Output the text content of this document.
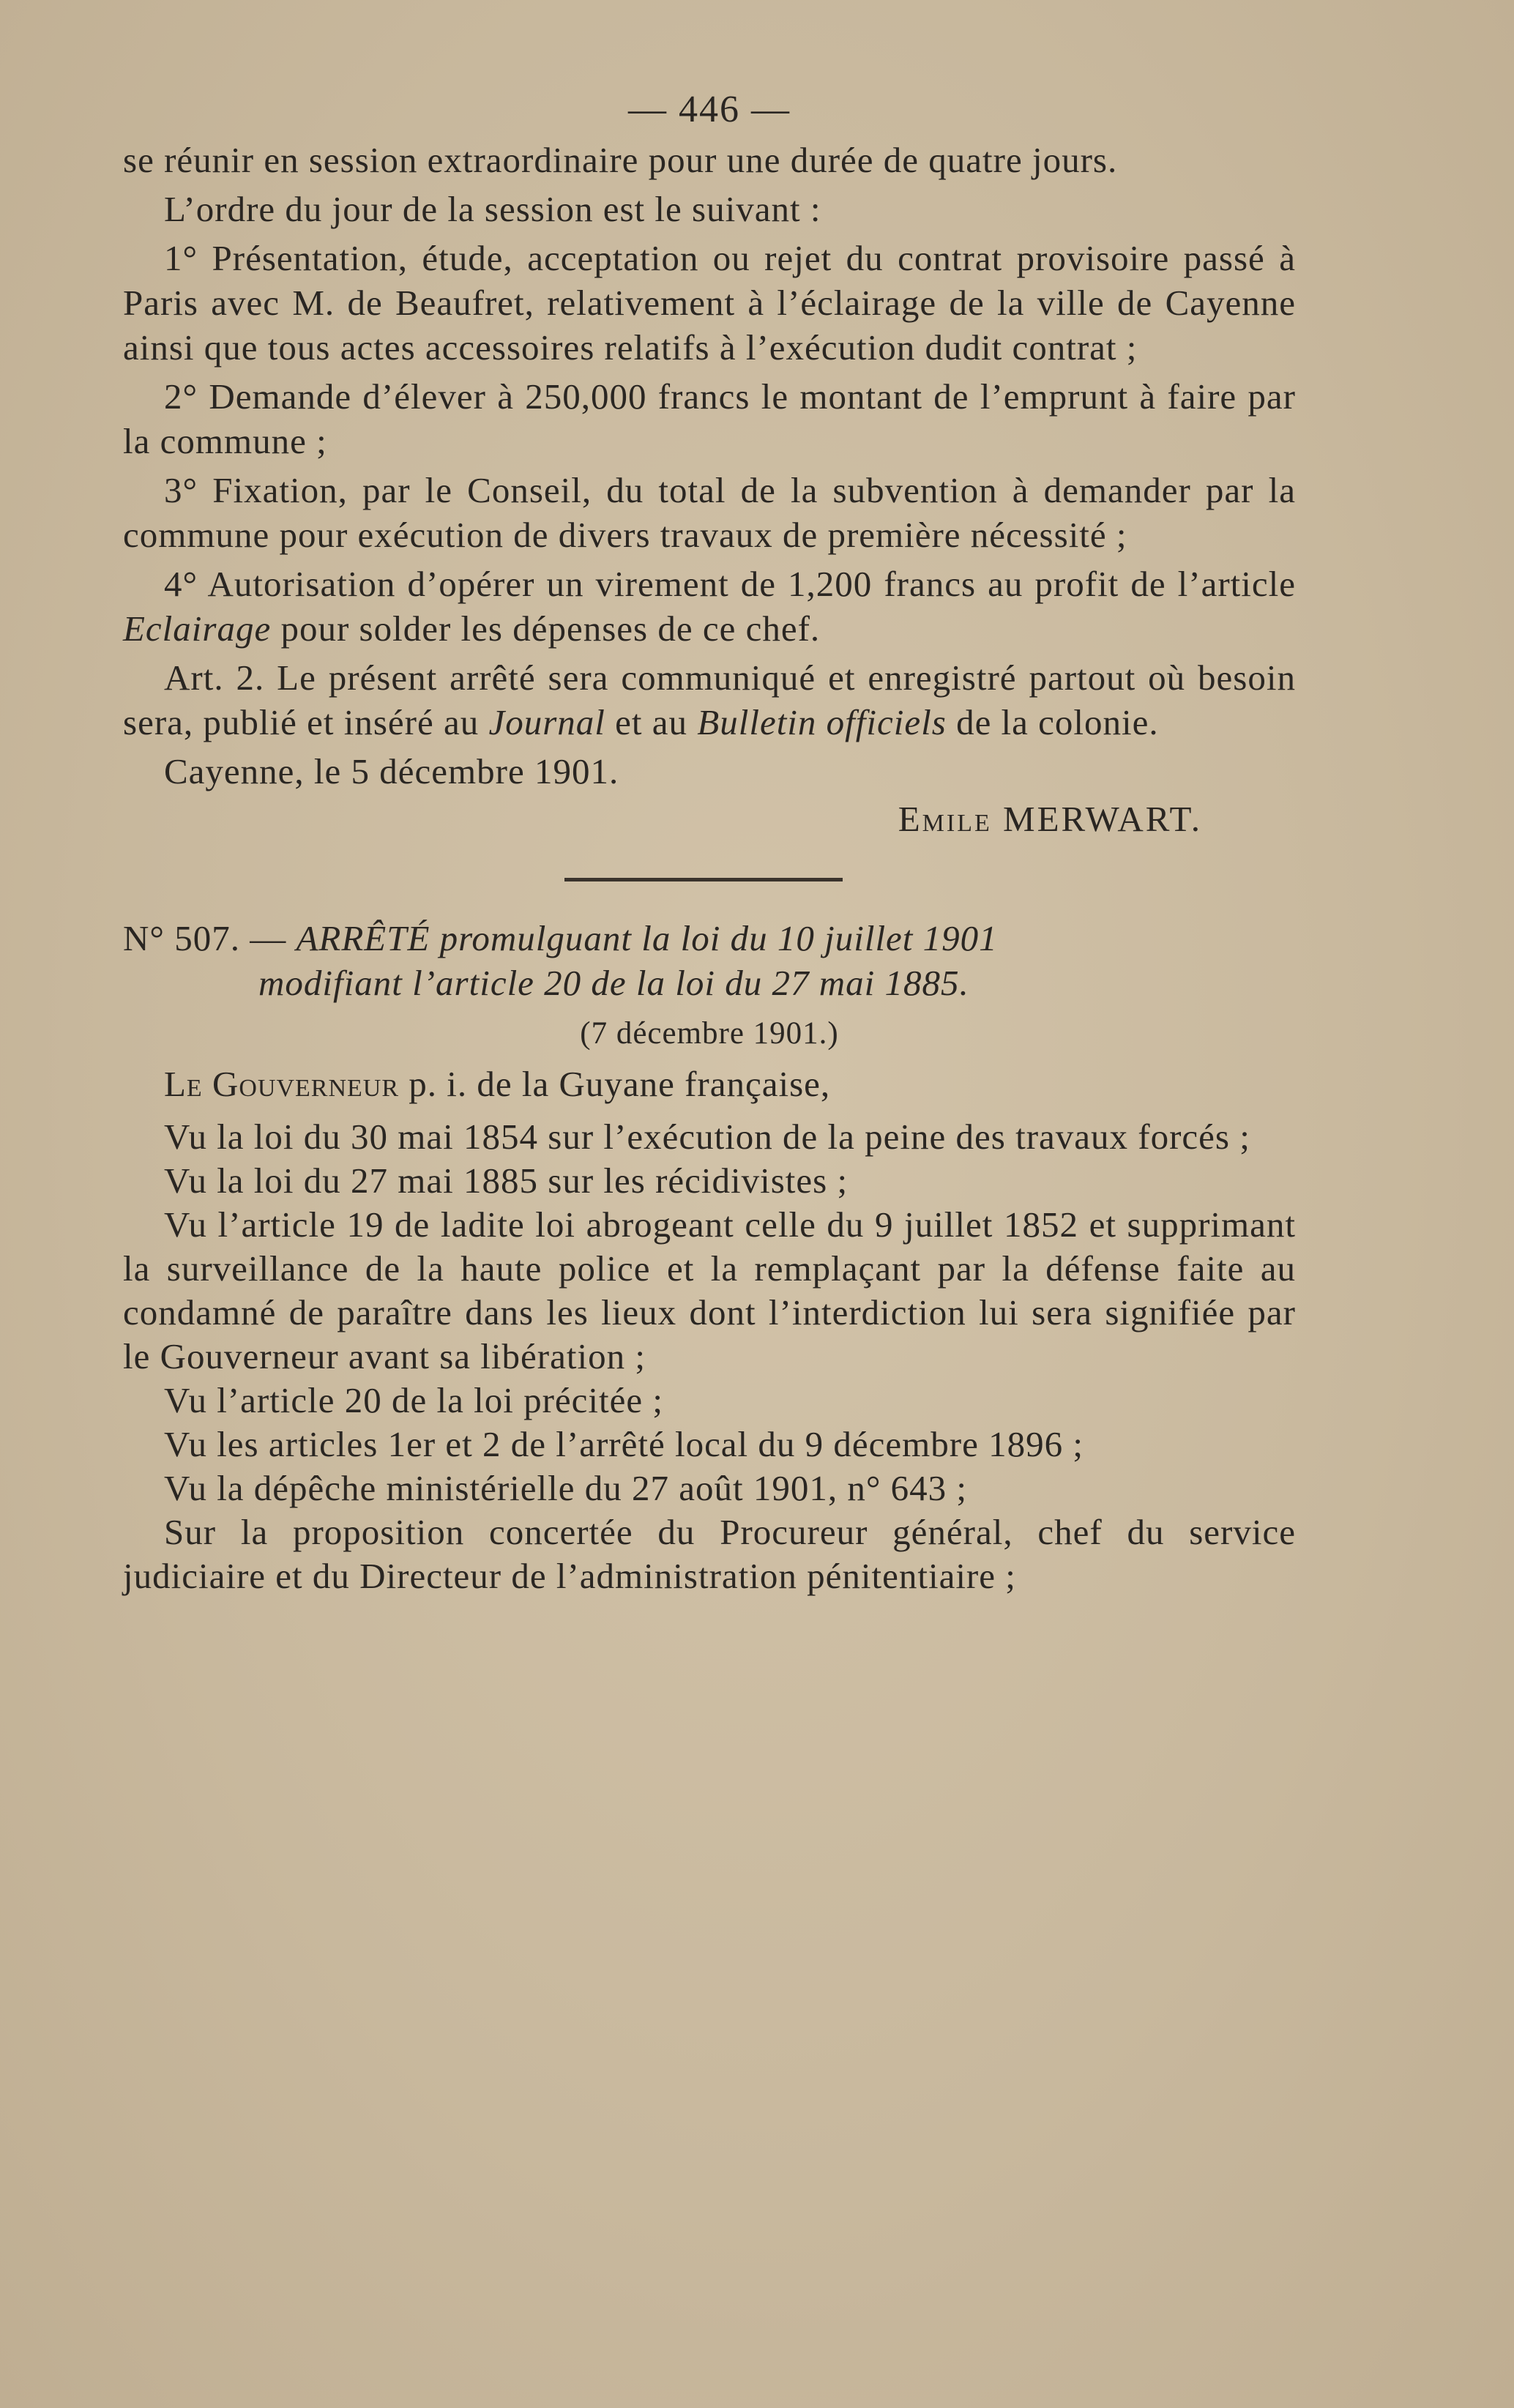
— 446 —

se réunir en session extraordinaire pour une durée de quatre jours.

L’ordre du jour de la session est le suivant :

1° Présentation, étude, acceptation ou rejet du contrat provisoire passé à Paris avec M. de Beaufret, relativement à l’éclairage de la ville de Cayenne ainsi que tous actes accessoires relatifs à l’exécution dudit contrat ;

2° Demande d’élever à 250,000 francs le montant de l’emprunt à faire par la commune ;

3° Fixation, par le Conseil, du total de la subvention à demander par la commune pour exécution de divers travaux de première nécessité ;

4° Autorisation d’opérer un virement de 1,200 francs au profit de l’article Eclairage pour solder les dépenses de ce chef.

Art. 2. Le présent arrêté sera communiqué et enregistré partout où besoin sera, publié et inséré au Journal et au Bulletin officiels de la colonie.

Cayenne, le 5 décembre 1901.

Emile MERWART.

N° 507. — ARRÊTÉ promulguant la loi du 10 juillet 1901

modifiant l’article 20 de la loi du 27 mai 1885.

(7 décembre 1901.)

Le Gouverneur p. i. de la Guyane française,

Vu la loi du 30 mai 1854 sur l’exécution de la peine des travaux forcés ;

Vu la loi du 27 mai 1885 sur les récidivistes ;

Vu l’article 19 de ladite loi abrogeant celle du 9 juillet 1852 et supprimant la surveillance de la haute police et la remplaçant par la défense faite au condamné de paraître dans les lieux dont l’interdiction lui sera signifiée par le Gouverneur avant sa libération ;

Vu l’article 20 de la loi précitée ;

Vu les articles 1er et 2 de l’arrêté local du 9 décembre 1896 ;

Vu la dépêche ministérielle du 27 août 1901, n° 643 ;

Sur la proposition concertée du Procureur général, chef du service judiciaire et du Directeur de l’administration pénitentiaire ;
